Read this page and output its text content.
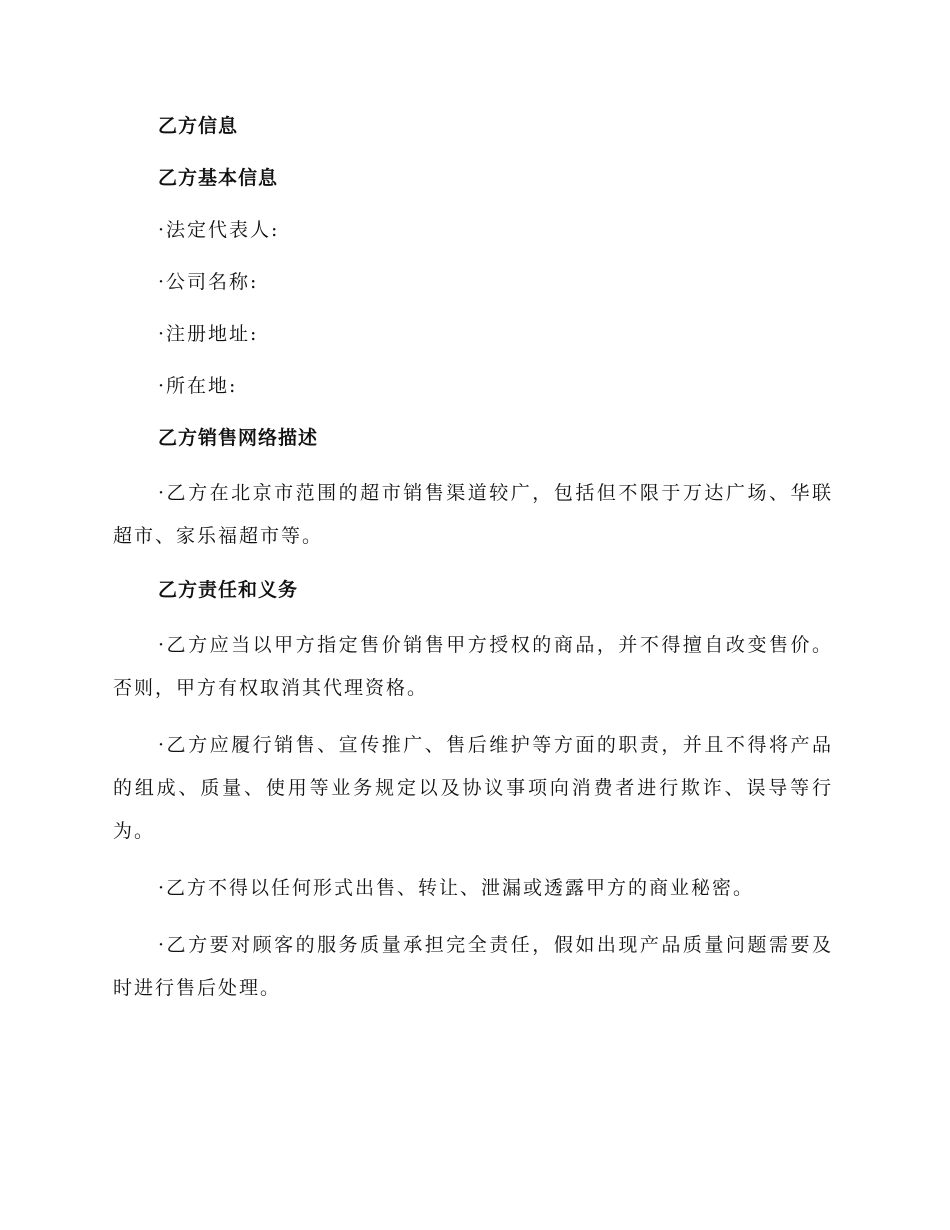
乙方信息
乙方基本信息
·法定代表人:
·公司名称:
·注册地址:
·所在地:
乙方销售网络描述
·乙方在北京市范围的超市销售渠道较广，包括但不限于万达广场、华联超市、家乐福超市等。
乙方责任和义务
·乙方应当以甲方指定售价销售甲方授权的商品，并不得擅自改变售价。否则，甲方有权取消其代理资格。
·乙方应履行销售、宣传推广、售后维护等方面的职责，并且不得将产品的组成、质量、使用等业务规定以及协议事项向消费者进行欺诈、误导等行为。
·乙方不得以任何形式出售、转让、泄漏或透露甲方的商业秘密。
·乙方要对顾客的服务质量承担完全责任，假如出现产品质量问题需要及时进行售后处理。
